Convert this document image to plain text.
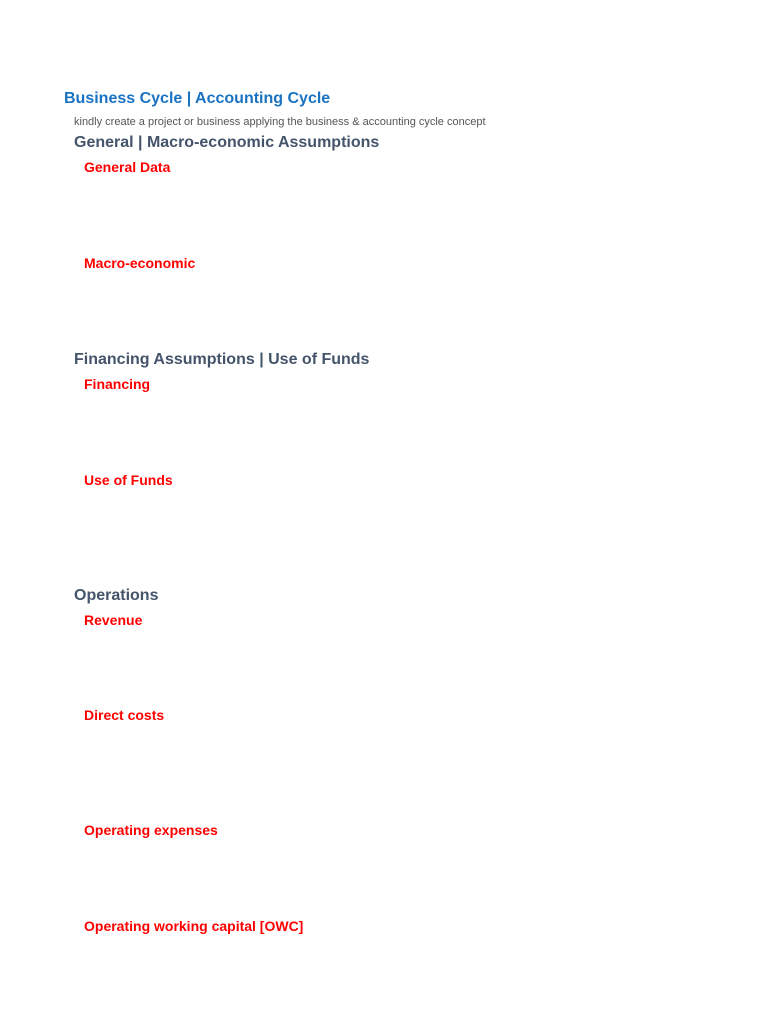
Business Cycle | Accounting Cycle

kindly create a project or business applying the business & accounting cycle concept

General | Macro-economic Assumptions
General Data
Macro-economic
Financing Assumptions | Use of Funds
Financing
Use of Funds
Operations
Revenue
Direct costs
Operating expenses
Operating working capital [OWC]
